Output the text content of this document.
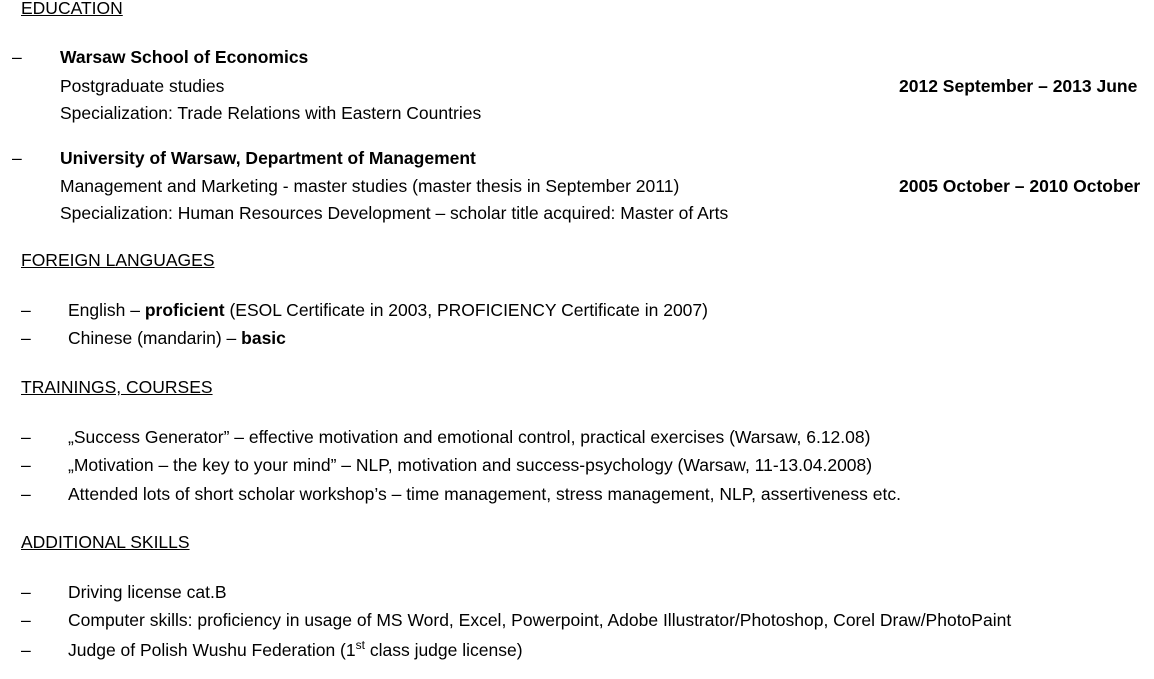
EDUCATION
– Warsaw School of Economics
Postgraduate studies	2012 September – 2013 June
Specialization: Trade Relations with Eastern Countries
– University of Warsaw, Department of Management
Management and Marketing - master studies (master thesis in September 2011)	2005 October – 2010 October
Specialization: Human Resources Development – scholar title acquired: Master of Arts
FOREIGN LANGUAGES
– English – proficient (ESOL Certificate in 2003, PROFICIENCY Certificate in 2007)
– Chinese (mandarin) – basic
TRAININGS, COURSES
– „Success Generator” – effective motivation and emotional control, practical exercises (Warsaw, 6.12.08)
– „Motivation – the key to your mind” – NLP, motivation and success-psychology (Warsaw, 11-13.04.2008)
– Attended lots of short scholar workshop’s – time management, stress management, NLP, assertiveness etc.
ADDITIONAL SKILLS
– Driving license cat.B
– Computer skills: proficiency in usage of MS Word, Excel, Powerpoint, Adobe Illustrator/Photoshop, Corel Draw/PhotoPaint
– Judge of Polish Wushu Federation (1st class judge license)
